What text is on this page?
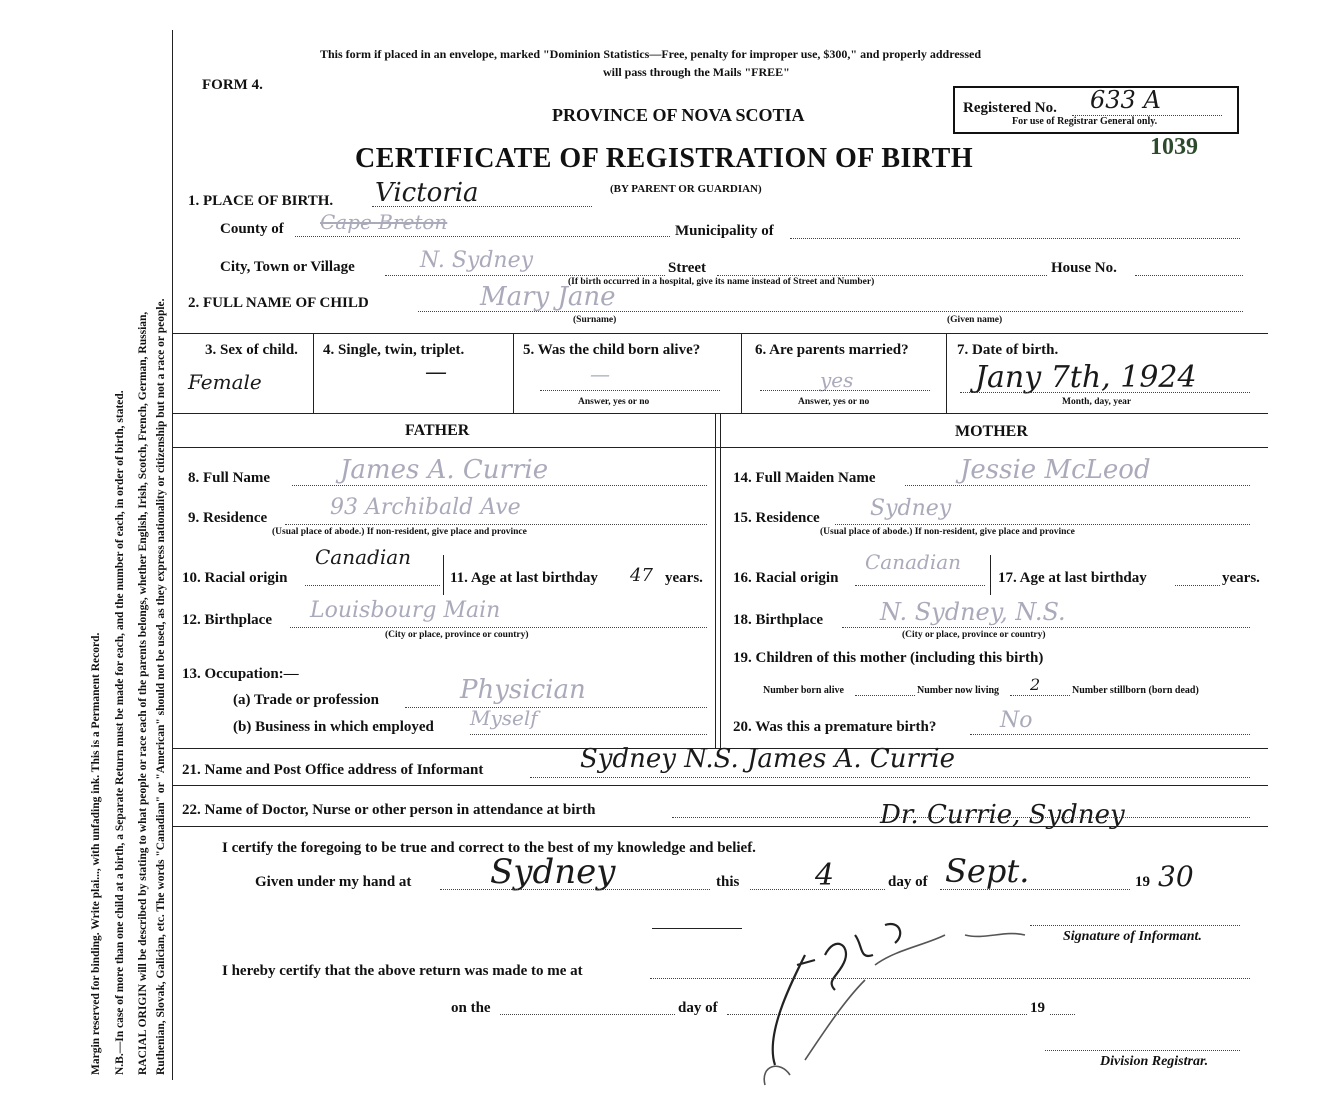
Margin reserved for binding. Write plai..., with unfading ink. This is a Permanent Record. N.B.—In case of more than one child at a birth, a Separate Return must be made for each, and the number of each, in order of birth, stated. RACIAL ORIGIN will be described by stating to what people or race each of the parents belongs, whether English, Irish, Scotch, French, German, Russian, Ruthenian, Slovak, Galician, etc. The words "Canadian" or "American" should not be used, as they express nationality or citizenship but not a race or people.
This form if placed in an envelope, marked "Dominion Statistics—Free, penalty for improper use, $300," and properly addressed
will pass through the Mails "FREE"
FORM 4.
PROVINCE OF NOVA SCOTIA
CERTIFICATE OF REGISTRATION OF BIRTH
(BY PARENT OR GUARDIAN)
Registered No. 633 A
For use of Registrar General only.
1039
1. PLACE OF BIRTH. Victoria
County of Cape Breton	Municipality of
City, Town or Village	N. Sydney	Street
(If birth occurred in a hospital, give its name instead of Street and Number)
House No.
2. FULL NAME OF CHILD	Mary Jane
(Surname)	(Given name)
3. Sex of child.
Female
4. Single, twin, triplet.
—
5. Was the child born alive?
—
Answer, yes or no
6. Are parents married?
yes
Answer, yes or no
7. Date of birth.
Jany 7th, 1924
Month, day, year
FATHER	MOTHER
8. Full Name	James A. Currie
9. Residence	93 Archibald Ave
(Usual place of abode.) If non-resident, give place and province
10. Racial origin
Canadian
11. Age at last birthday 47 years.
12. Birthplace Louisbourg Main
(City or place, province or country)
13. Occupation:—
(a) Trade or profession	Physician
(b) Business in which employed Myself
14. Full Maiden Name	Jessie McLeod
15. Residence Sydney
(Usual place of abode.) If non-resident, give place and province
16. Racial origin
Canadian
17. Age at last birthday	years.
18. Birthplace N. Sydney, N.S.
(City or place, province or country)
19. Children of this mother (including this birth)
Number born alive	Number now living 2	Number stillborn (born dead)
20. Was this a premature birth?	No
21. Name and Post Office address of Informant	Sydney N.S. James A. Currie
22. Name of Doctor, Nurse or other person in attendance at birth	Dr. Currie, Sydney
I certify the foregoing to be true and correct to the best of my knowledge and belief.
Given under my hand at Sydney	this	4	day of Sept.	19 30
Signature of Informant.
I hereby certify that the above return was made to me at
on the	day of	19
Division Registrar.
